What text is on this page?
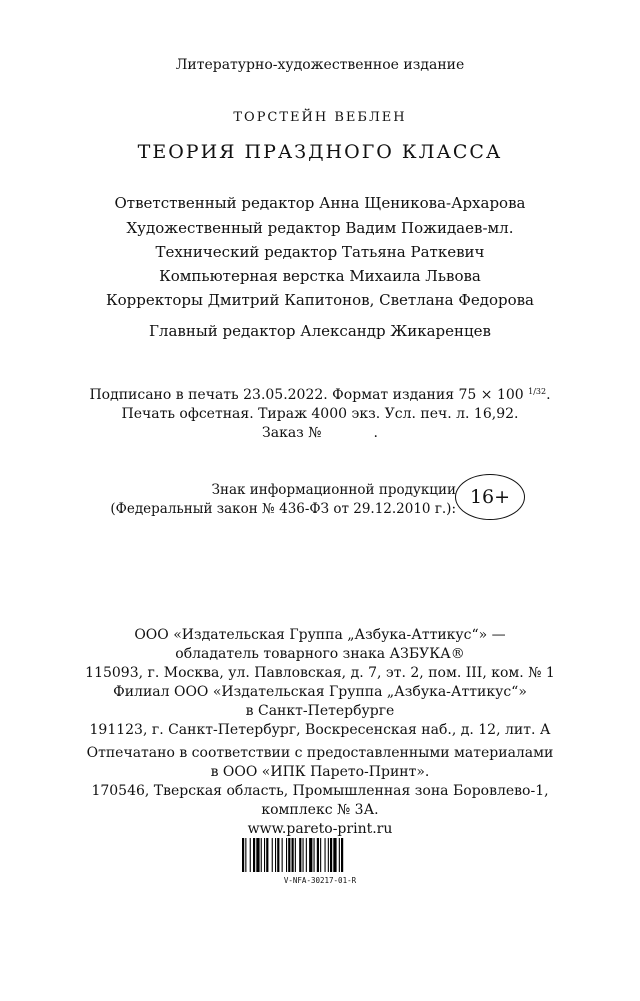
Литературно-художественное издание
ТОРСТЕЙН ВЕБЛЕН
ТЕОРИЯ ПРАЗДНОГО КЛАССА
Ответственный редактор Анна Щеникова-Архарова
Художественный редактор Вадим Пожидаев-мл.
Технический редактор Татьяна Раткевич
Компьютерная верстка Михаила Львова
Корректоры Дмитрий Капитонов, Светлана Федорова
Главный редактор Александр Жикаренцев
Подписано в печать 23.05.2022. Формат издания 75 × 100 $^{1/32}$.
Печать офсетная. Тираж 4000 экз. Усл. печ. л. 16,92.
Заказ №	.
Знак информационной продукции
(Федеральный закон № 436-ФЗ от 29.12.2010 г.):
16+
ООО «Издательская Группа „Азбука-Аттикус“» —
обладатель товарного знака АЗБУКА®
115093, г. Москва, ул. Павловская, д. 7, эт. 2, пом. III, ком. № 1
Филиал ООО «Издательская Группа „Азбука-Аттикус“»
в Санкт-Петербурге
191123, г. Санкт-Петербург, Воскресенская наб., д. 12, лит. А
Отпечатано в соответствии с предоставленными материалами
в ООО «ИПК Парето-Принт».
170546, Тверская область, Промышленная зона Боровлево-1,
комплекс № 3А.
www.pareto-print.ru
V-NFA-30217-01-R
